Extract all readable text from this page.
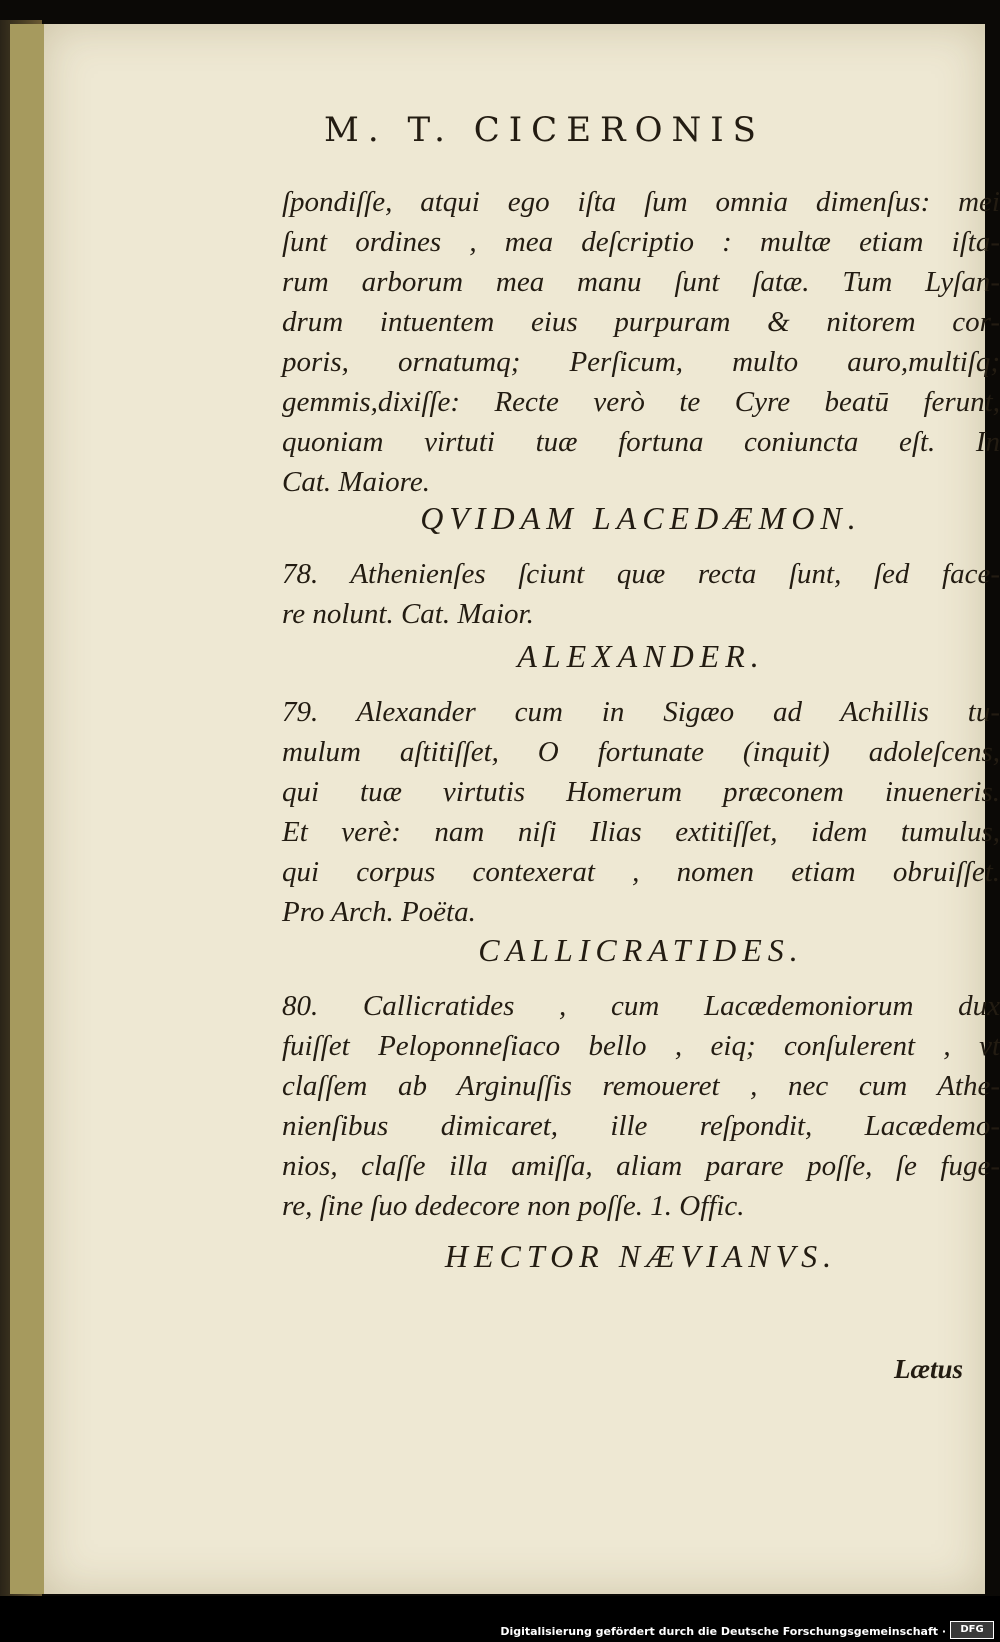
M. T. CICERONIS
ſpondiſſe, atqui ego iſta ſum omnia dimenſus: mei
ſunt ordines , mea deſcriptio : multæ etiam iſta-
rum arborum mea manu ſunt ſatæ. Tum Lyſan-
drum intuentem eius purpuram & nitorem cor-
poris, ornatumq; Perſicum, multo auro,multiſq;
gemmis,dixiſſe: Recte verò te Cyre beatū ferunt,
quoniam virtuti tuæ fortuna coniuncta eſt. In
Cat. Maiore.
QVIDAM LACEDÆMON.
78. Athenienſes ſciunt quæ recta ſunt, ſed face-
re nolunt. Cat. Maior.
ALEXANDER.
79. Alexander cum in Sigæo ad Achillis tu-
mulum aſtitiſſet, O fortunate (inquit) adoleſcens,
qui tuæ virtutis Homerum præconem inueneris.
Et verè: nam niſi Ilias extitiſſet, idem tumulus,
qui corpus contexerat , nomen etiam obruiſſet.
Pro Arch. Poëta.
CALLICRATIDES.
80. Callicratides , cum Lacædemoniorum dux
fuiſſet Peloponneſiaco bello , eiq; conſulerent , vt
claſſem ab Arginuſſis remoueret , nec cum Athe-
nienſibus dimicaret, ille reſpondit, Lacædemo-
nios, claſſe illa amiſſa, aliam parare poſſe, ſe fuge-
re, ſine ſuo dedecore non poſſe. 1. Offic.
HECTOR NÆVIANVS.
Lætus
Digitalisierung gefördert durch die Deutsche Forschungsgemeinschaft ·	DFG
